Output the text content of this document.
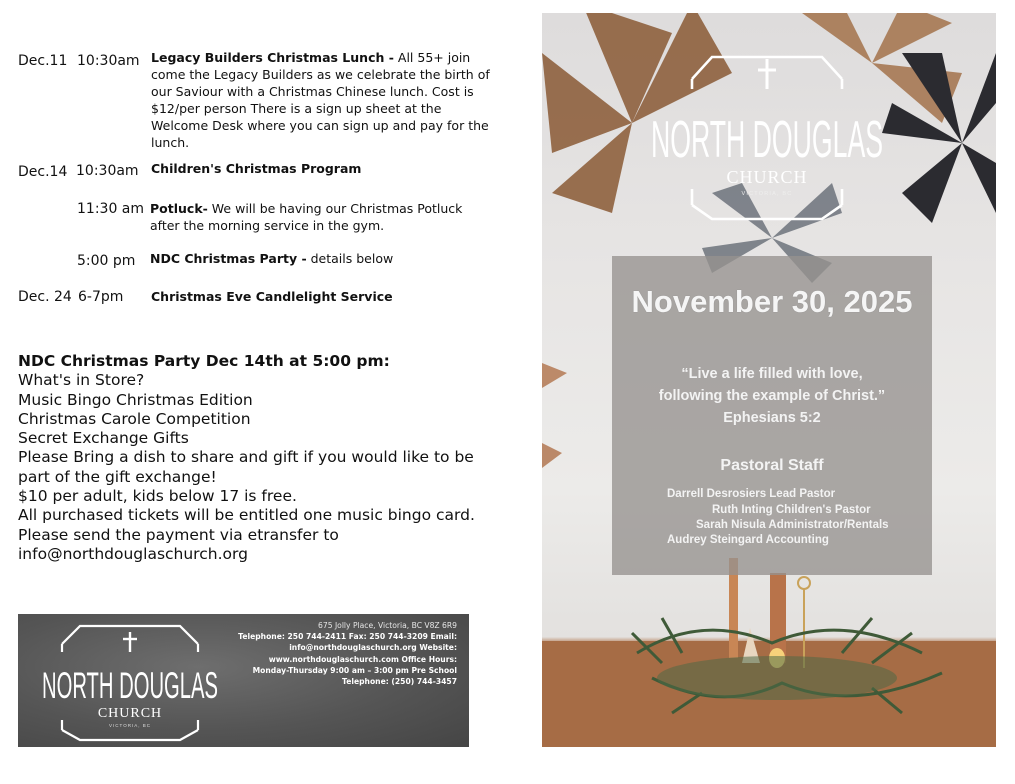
Dec.11 10:30am Legacy Builders Christmas Lunch - All 55+ join come the Legacy Builders as we celebrate the birth of our Saviour with a Christmas Chinese lunch. Cost is $12/per person There is a sign up sheet at the Welcome Desk where you can sign up and pay for the lunch.
Dec.14 10:30am Children's Christmas Program
11:30 am Potluck- We will be having our Christmas Potluck after the morning service in the gym.
5:00 pm NDC Christmas Party - details below
Dec. 24 6-7pm Christmas Eve Candlelight Service
NDC Christmas Party Dec 14th at 5:00 pm:
What's in Store?
Music Bingo Christmas Edition
Christmas Carole Competition
Secret Exchange Gifts
Please Bring a dish to share and gift if you would like to be part of the gift exchange!
$10 per adult, kids below 17 is free.
All purchased tickets will be entitled one music bingo card.
Please send the payment via etransfer to info@northdouglaschurch.org
NORTH DOUGLAS
CHURCH
VICTORIA, BC
675 Jolly Place, Victoria, BC V8Z 6R9
Telephone: 250 744-2411 Fax: 250 744-3209 Email:
info@northdouglaschurch.org Website:
www.northdouglaschurch.com Office Hours:
Monday-Thursday 9:00 am – 3:00 pm Pre School
Telephone: (250) 744-3457
NORTH DOUGLAS
CHURCH
VICTORIA, BC
November 30, 2025
“Live a life filled with love,
following the example of Christ.”
Ephesians 5:2
Pastoral Staff
Darrell Desrosiers Lead Pastor
Ruth Inting Children's Pastor
Sarah Nisula Administrator/Rentals
Audrey Steingard Accounting
